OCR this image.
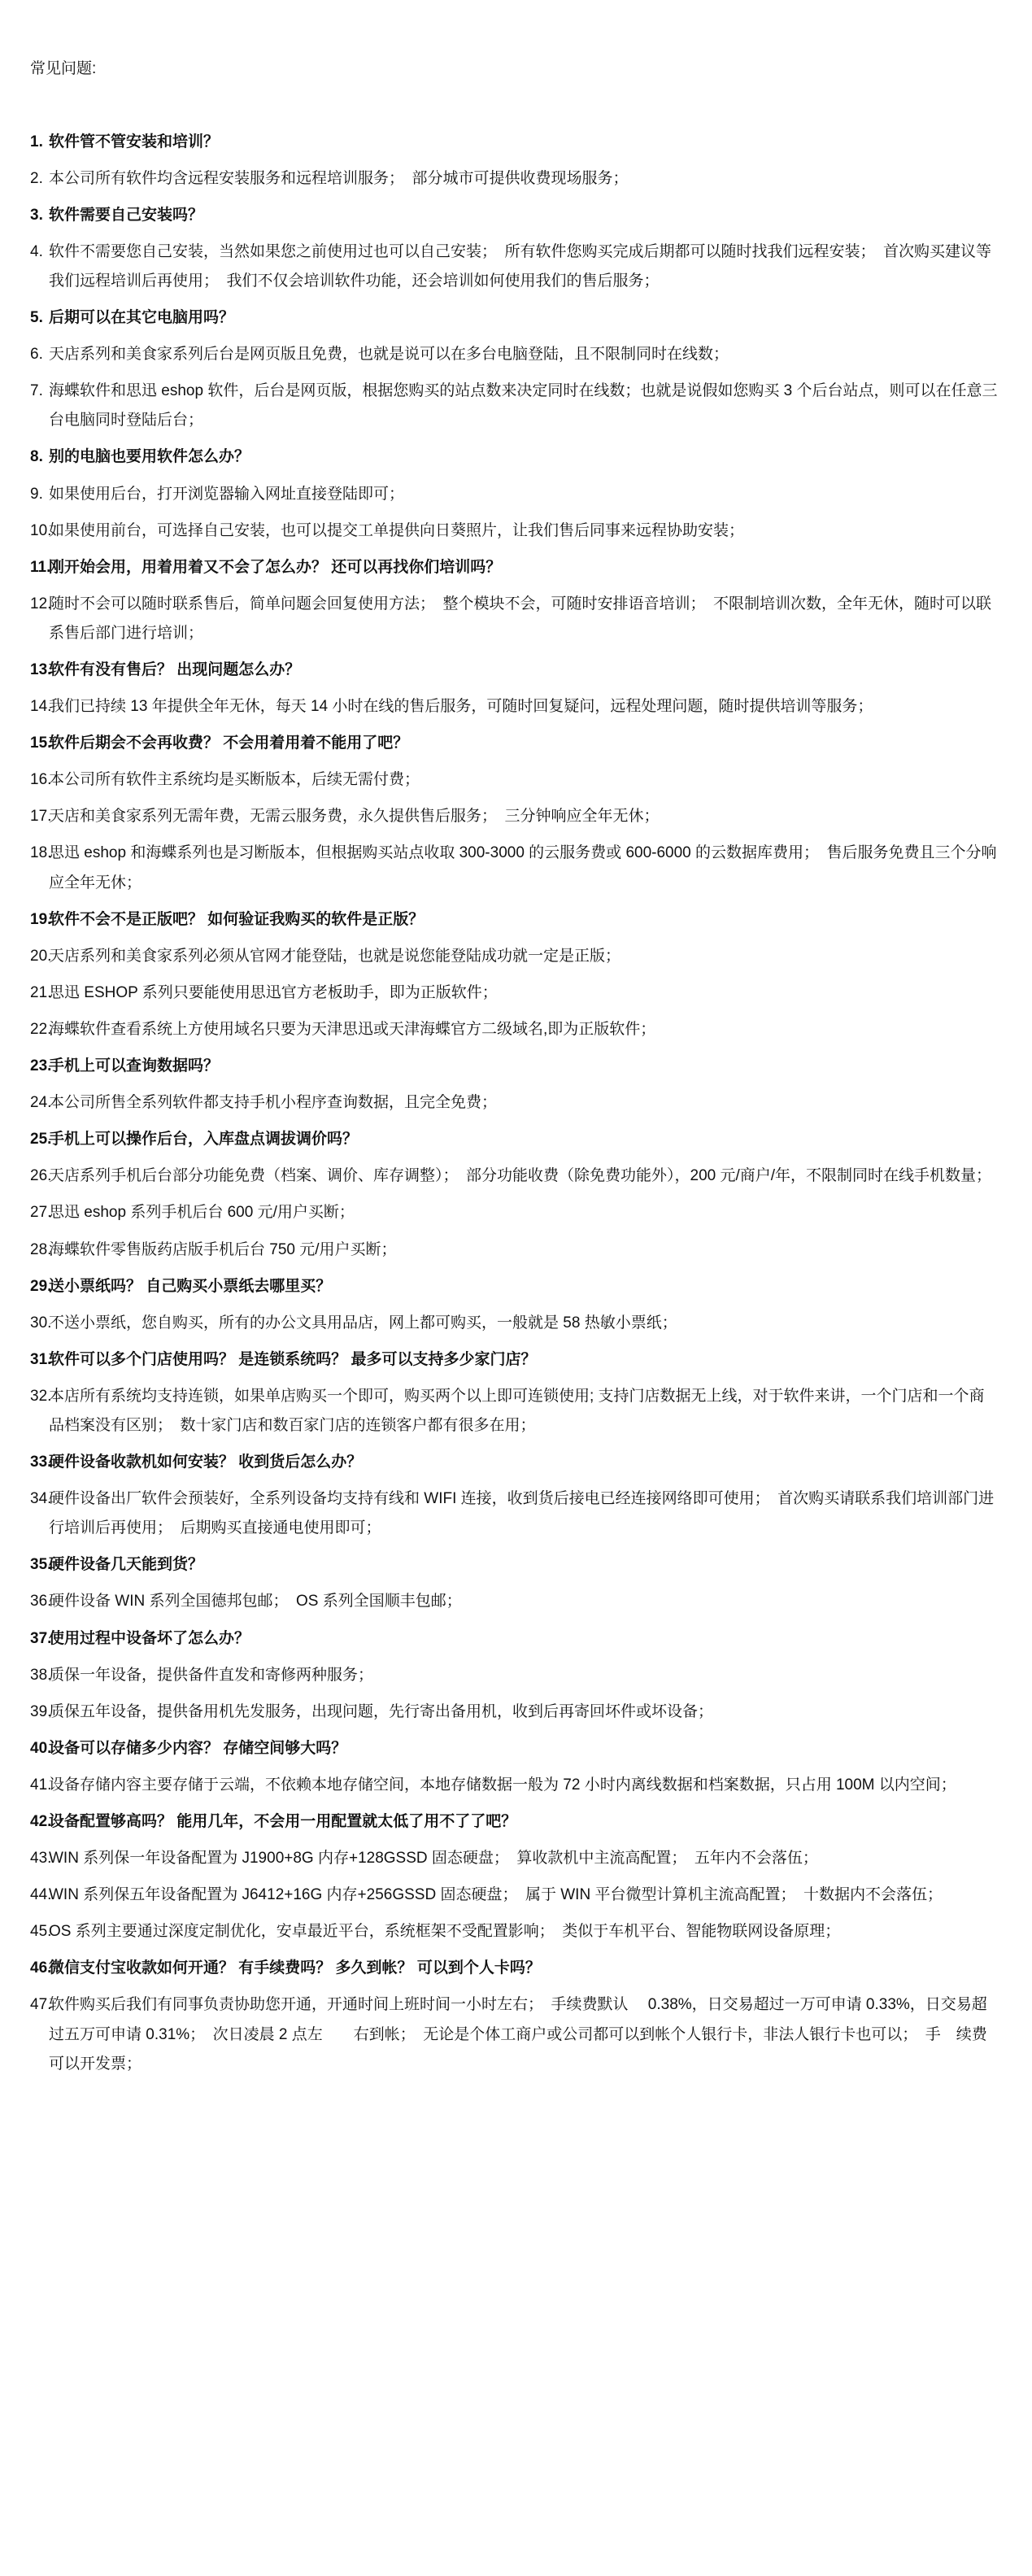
常见问题:

1. 软件管不管安装和培训？
2. 本公司所有软件均含远程安装服务和远程培训服务；　部分城市可提供收费现场服务；
3. 软件需要自己安装吗？
4. 软件不需要您自己安装，当然如果您之前使用过也可以自己安装；　所有软件您购买完成后期都可以随时找我们远程安装；　首次购买建议等我们远程培训后再使用；　我们不仅会培训软件功能，还会培训如何使用我们的售后服务；
5. 后期可以在其它电脑用吗？
6. 天店系列和美食家系列后台是网页版且免费，也就是说可以在多台电脑登陆，且不限制同时在线数；
7. 海蝶软件和思迅 eshop 软件，后台是网页版，根据您购买的站点数来决定同时在线数；也就是说假如您购买 3 个后台站点，则可以在任意三台电脑同时登陆后台；
8. 别的电脑也要用软件怎么办？
9. 如果使用后台，打开浏览器输入网址直接登陆即可；
10.
如果使用前台，可选择自己安装，也可以提交工单提供向日葵照片，让我们售后同事来远程协助安装；
11.
刚开始会用，用着用着又不会了怎么办？ 还可以再找你们培训吗？
12.
随时不会可以随时联系售后，简单问题会回复使用方法；　整个模块不会，可随时安排语音培训；　不限制培训次数，全年无休，随时可以联系售后部门进行培训；
13.
软件有没有售后？ 出现问题怎么办？
14.
我们已持续 13 年提供全年无休，每天 14 小时在线的售后服务，可随时回复疑问，远程处理问题，随时提供培训等服务；
15.
软件后期会不会再收费？ 不会用着用着不能用了吧？
16.
本公司所有软件主系统均是买断版本，后续无需付费；
17.
天店和美食家系列无需年费，无需云服务费，永久提供售后服务；　三分钟响应全年无休；
18.
思迅 eshop 和海蝶系列也是习断版本，但根据购买站点收取 300-3000 的云服务费或 600-6000 的云数据库费用；　售后服务免费且三个分响应全年无休；
19.
软件不会不是正版吧？ 如何验证我购买的软件是正版？
20.
天店系列和美食家系列必须从官网才能登陆，也就是说您能登陆成功就一定是正版；
21.
思迅 ESHOP 系列只要能使用思迅官方老板助手，即为正版软件；
22.
海蝶软件查看系统上方使用域名只要为天津思迅或天津海蝶官方二级域名,即为正版软件；
23.
手机上可以查询数据吗？
24.
本公司所售全系列软件都支持手机小程序查询数据，且完全免费；
25.
手机上可以操作后台，入库盘点调拔调价吗？
26.
天店系列手机后台部分功能免费（档案、调价、库存调整）；　部分功能收费（除免费功能外），200 元/商户/年，不限制同时在线手机数量；
27.
思迅 eshop 系列手机后台 600 元/用户买断；
28.
海蝶软件零售版药店版手机后台 750 元/用户买断；
29.
送小票纸吗？ 自己购买小票纸去哪里买？
30.
不送小票纸，您自购买，所有的办公文具用品店，网上都可购买，一般就是 58 热敏小票纸；
31.
软件可以多个门店使用吗？ 是连锁系统吗？ 最多可以支持多少家门店？
32.
本店所有系统均支持连锁，如果单店购买一个即可，购买两个以上即可连锁使用; 支持门店数据无上线，对于软件来讲，一个门店和一个商品档案没有区别；　数十家门店和数百家门店的连锁客户都有很多在用；
33.
硬件设备收款机如何安装？ 收到货后怎么办？
34.
硬件设备出厂软件会预装好，全系列设备均支持有线和 WIFI 连接，收到货后接电已经连接网络即可使用；　首次购买请联系我们培训部门进行培训后再使用；　后期购买直接通电使用即可；
35.
硬件设备几天能到货？
36.
硬件设备 WIN 系列全国德邦包邮；　OS 系列全国顺丰包邮；
37.
使用过程中设备坏了怎么办？
38.
质保一年设备，提供备件直发和寄修两种服务；
39.
质保五年设备，提供备用机先发服务，出现问题，先行寄出备用机，收到后再寄回坏件或坏设备；
40.
设备可以存储多少内容？ 存储空间够大吗？
41.
设备存储内容主要存储于云端，不依赖本地存储空间，本地存储数据一般为 72 小时内离线数据和档案数据，只占用 100M 以内空间；
42.
设备配置够高吗？ 能用几年，不会用一用配置就太低了用不了了吧？
43.
WIN 系列保一年设备配置为 J1900+8G 内存+128GSSD 固态硬盘；　算收款机中主流高配置；　五年内不会落伍；
44.
WIN 系列保五年设备配置为 J6412+16G 内存+256GSSD 固态硬盘；　属于 WIN 平台微型计算机主流高配置；　十数据内不会落伍；
45.
OS 系列主要通过深度定制优化，安卓最近平台，系统框架不受配置影响；　类似于车机平台、智能物联网设备原理；
46.
微信支付宝收款如何开通？ 有手续费吗？ 多久到帐？ 可以到个人卡吗？
47.
软件购买后我们有同事负责协助您开通，开通时间上班时间一小时左右；　手续费默认 　0.38%，日交易超过一万可申请 0.33%，日交易超过五万可申请 0.31%；　次日凌晨 2 点左　　右到帐；　无论是个体工商户或公司都可以到帐个人银行卡，非法人银行卡也可以；　手　续费可以开发票；
